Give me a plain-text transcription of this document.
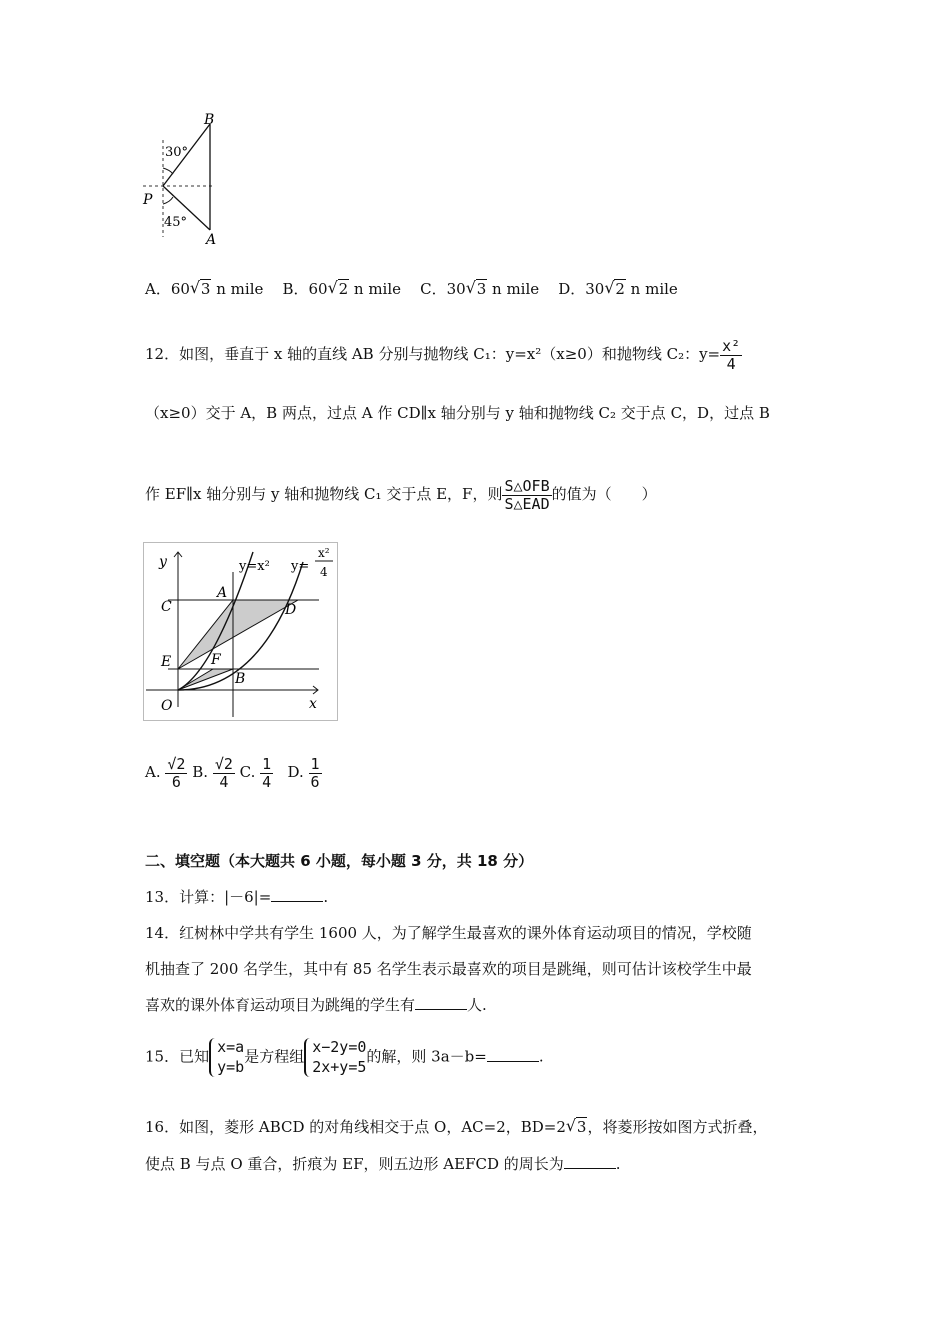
B
P
A
30°
45°
A．60 √ 3 n mile B．60 √ 2 n mile C．30 √ 3 n mile D．30 √ 2 n mile
12．如图，垂直于 x 轴的直线 AB 分别与抛物线 C₁：y=x²（x≥0）和抛物线 C₂：$y= \frac{\text{x²}}{4}$
（x≥0）交于 A，B 两点，过点 A 作 CD∥x 轴分别与 y 轴和抛物线 C₂ 交于点 C，D，过点 B
作 EF∥x 轴分别与 y 轴和抛物线 C₁ 交于点 E，F，则 $\frac{\text{S△OFB}}{\text{S△EAD}}$ 的值为（　　）
y
x
O
C
E
A
D
F
B
y=x² y=
x²
4
A. $\frac{√2}{6} B$. $\frac{√2}{4} C$. $\frac{1}{4} D$. $\frac{1}{6}$
二、填空题（本大题共 6 小题，每小题 3 分，共 18 分）
13．计算：|－6|=	.
14．红树林中学共有学生 1600 人，为了解学生最喜欢的课外体育运动项目的情况，学校随
机抽查了 200 名学生，其中有 85 名学生表示最喜欢的项目是跳绳，则可估计该校学生中最
喜欢的课外体育运动项目为跳绳的学生有	人.
15．已知x=a
y=b是方程组x−2y=0
2x+y=5的解，则 3a－b=	.
16．如图，菱形 ABCD 的对角线相交于点 O，AC=2，BD=2 √ 3，将菱形按如图方式折叠，
使点 B 与点 O 重合，折痕为 EF，则五边形 AEFCD 的周长为	.
